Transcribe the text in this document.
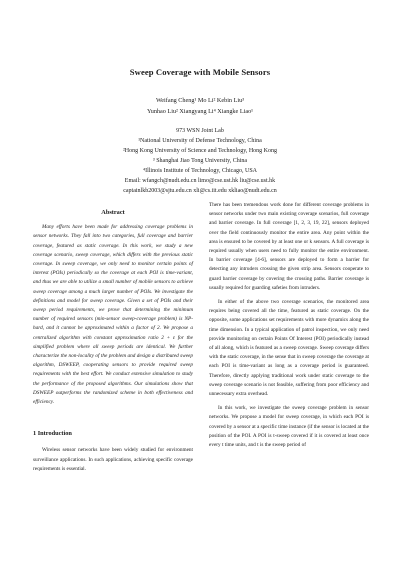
Sweep Coverage with Mobile Sensors
Weifang Cheng¹ Mo Li² Kebin Liu³
Yunhao Liu² Xiangyang Li⁴ Xiangke Liao¹
973 WSN Joint Lab
¹National University of Defense Technology, China
²Hong Kong University of Science and Technology, Hong Kong
³ Shanghai Jiao Tong University, China
⁴Illinois Institute of Technology, Chicago, USA
Email: wfangch@nudt.edu.cn limo@cse.ust.hk liu@cse.ust.hk
captainlkb2003@sjtu.edu.cn xli@cs.iit.edu xkliao@nudt.edu.cn
Abstract

Many efforts have been made for addressing coverage problems in sensor networks. They fall into two categories, full coverage and barrier coverage, featured as static coverage. In this work, we study a new coverage scenario, sweep coverage, which differs with the previous static coverage. In sweep coverage, we only need to monitor certain points of interest (POIs) periodically so the coverage at each POI is time-variant, and thus we are able to utilize a small number of mobile sensors to achieve sweep coverage among a much larger number of POIs. We investigate the definitions and model for sweep coverage. Given a set of POIs and their sweep period requirements, we prove that determining the minimum number of required sensors (min-sensor sweep-coverage problem) is NP-hard, and it cannot be approximated within a factor of 2. We propose a centralized algorithm with constant approximation ratio 2 + ε for the simplified problem where all sweep periods are identical. We further characterize the non-locality of the problem and design a distributed sweep algorithm, DSWEEP, cooperating sensors to provide required sweep requirements with the best effort. We conduct extensive simulation to study the performance of the proposed algorithms. Our simulations show that DSWEEP outperforms the randomized scheme in both effectiveness and efficiency.

1 Introduction

Wireless sensor networks have been widely studied for environment surveillance applications. In such applications, achieving specific coverage requirements is essential.

There has been tremendous work done for different coverage problems in sensor networks under two main existing coverage scenarios, full coverage and barrier coverage. In full coverage [1, 2, 3, 19, 22], sensors deployed over the field continuously monitor the entire area. Any point within the area is ensured to be covered by at least one or k sensors. A full coverage is required usually when users need to fully monitor the entire environment. In barrier coverage [4-6], sensors are deployed to form a barrier for detecting any intruders crossing the given strip area. Sensors cooperate to guard barrier coverage by covering the crossing paths. Barrier coverage is usually required for guarding safeties from intruders.

In either of the above two coverage scenarios, the monitored area requires being covered all the time, featured as static coverage. On the opposite, some applications set requirements with more dynamics along the time dimension. In a typical application of patrol inspection, we only need provide monitoring on certain Points Of Interest (POI) periodically instead of all along, which is featured as a sweep coverage. Sweep coverage differs with the static coverage, in the sense that in sweep coverage the coverage at each POI is time-variant as long as a coverage period is guaranteed. Therefore, directly applying traditional work under static coverage to the sweep coverage scenario is not feasible, suffering from poor efficiency and unnecessary extra overhead.

In this work, we investigate the sweep coverage problem in sensor networks. We propose a model for sweep coverage, in which each POI is covered by a sensor at a specific time instance (if the sensor is located at the position of the POI. A POI is t-sweep covered if it is covered at least once every t time units, and t is the sweep period of
